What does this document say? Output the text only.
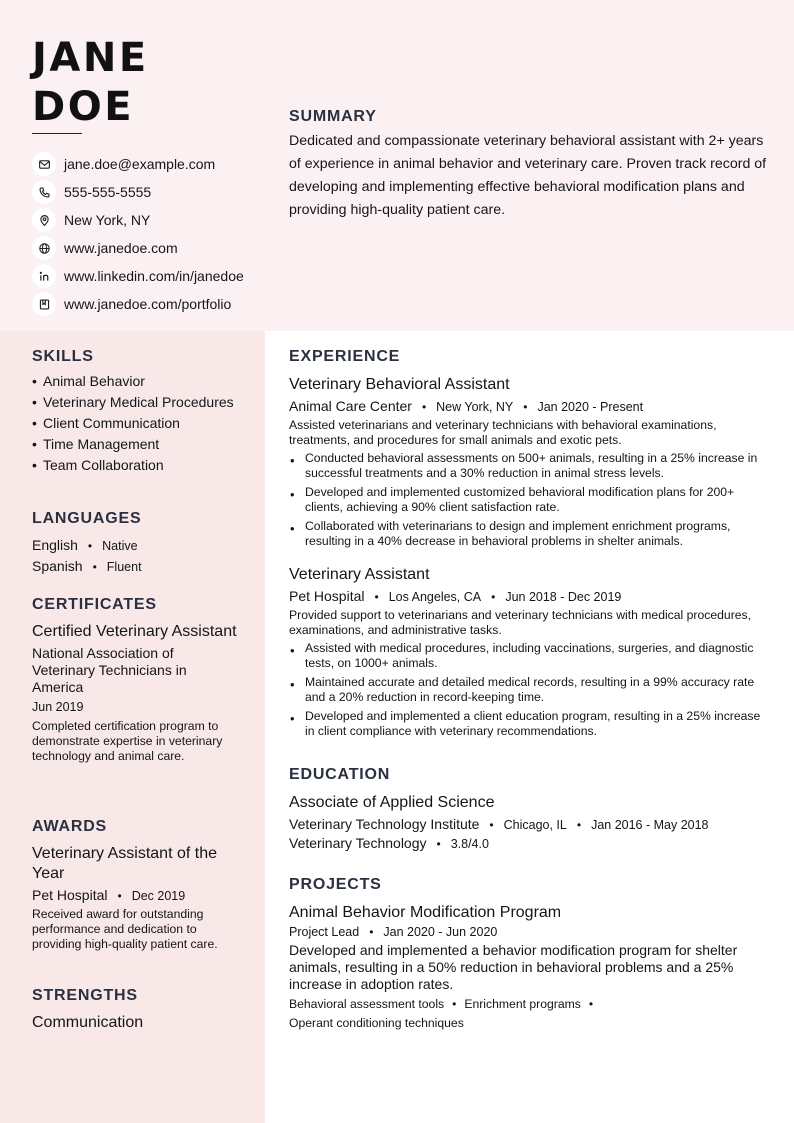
JANE
DOE
jane.doe@example.com
555-555-5555
New York, NY
www.janedoe.com
www.linkedin.com/in/janedoe
www.janedoe.com/portfolio
SUMMARY

Dedicated and compassionate veterinary behavioral assistant with 2+ years of experience in animal behavior and veterinary care. Proven track record of developing and implementing effective behavioral modification plans and providing high-quality patient care.

SKILLS
• Animal Behavior
• Veterinary Medical Procedures
• Client Communication
• Time Management
• Team Collaboration
LANGUAGES
English • Native
Spanish • Fluent
CERTIFICATES
Certified Veterinary Assistant
National Association of Veterinary Technicians in America
Jun 2019
Completed certification program to demonstrate expertise in veterinary technology and animal care.
AWARDS
Veterinary Assistant of the Year
Pet Hospital • Dec 2019
Received award for outstanding performance and dedication to providing high-quality patient care.
STRENGTHS
Communication
EXPERIENCE
Veterinary Behavioral Assistant
Animal Care Center • New York, NY • Jan 2020 - Present
Assisted veterinarians and veterinary technicians with behavioral examinations, treatments, and procedures for small animals and exotic pets.
• Conducted behavioral assessments on 500+ animals, resulting in a 25% increase in successful treatments and a 30% reduction in animal stress levels.
• Developed and implemented customized behavioral modification plans for 200+ clients, achieving a 90% client satisfaction rate.
• Collaborated with veterinarians to design and implement enrichment programs, resulting in a 40% decrease in behavioral problems in shelter animals.
Veterinary Assistant
Pet Hospital • Los Angeles, CA • Jun 2018 - Dec 2019
Provided support to veterinarians and veterinary technicians with medical procedures, examinations, and administrative tasks.
• Assisted with medical procedures, including vaccinations, surgeries, and diagnostic tests, on 1000+ animals.
• Maintained accurate and detailed medical records, resulting in a 99% accuracy rate and a 20% reduction in record-keeping time.
• Developed and implemented a client education program, resulting in a 25% increase in client compliance with veterinary recommendations.
EDUCATION
Associate of Applied Science
Veterinary Technology Institute • Chicago, IL • Jan 2016 - May 2018
Veterinary Technology • 3.8/4.0
PROJECTS
Animal Behavior Modification Program
Project Lead • Jan 2020 - Jun 2020
Developed and implemented a behavior modification program for shelter animals, resulting in a 50% reduction in behavioral problems and a 25% increase in adoption rates.
Behavioral assessment tools • Enrichment programs •
Operant conditioning techniques
